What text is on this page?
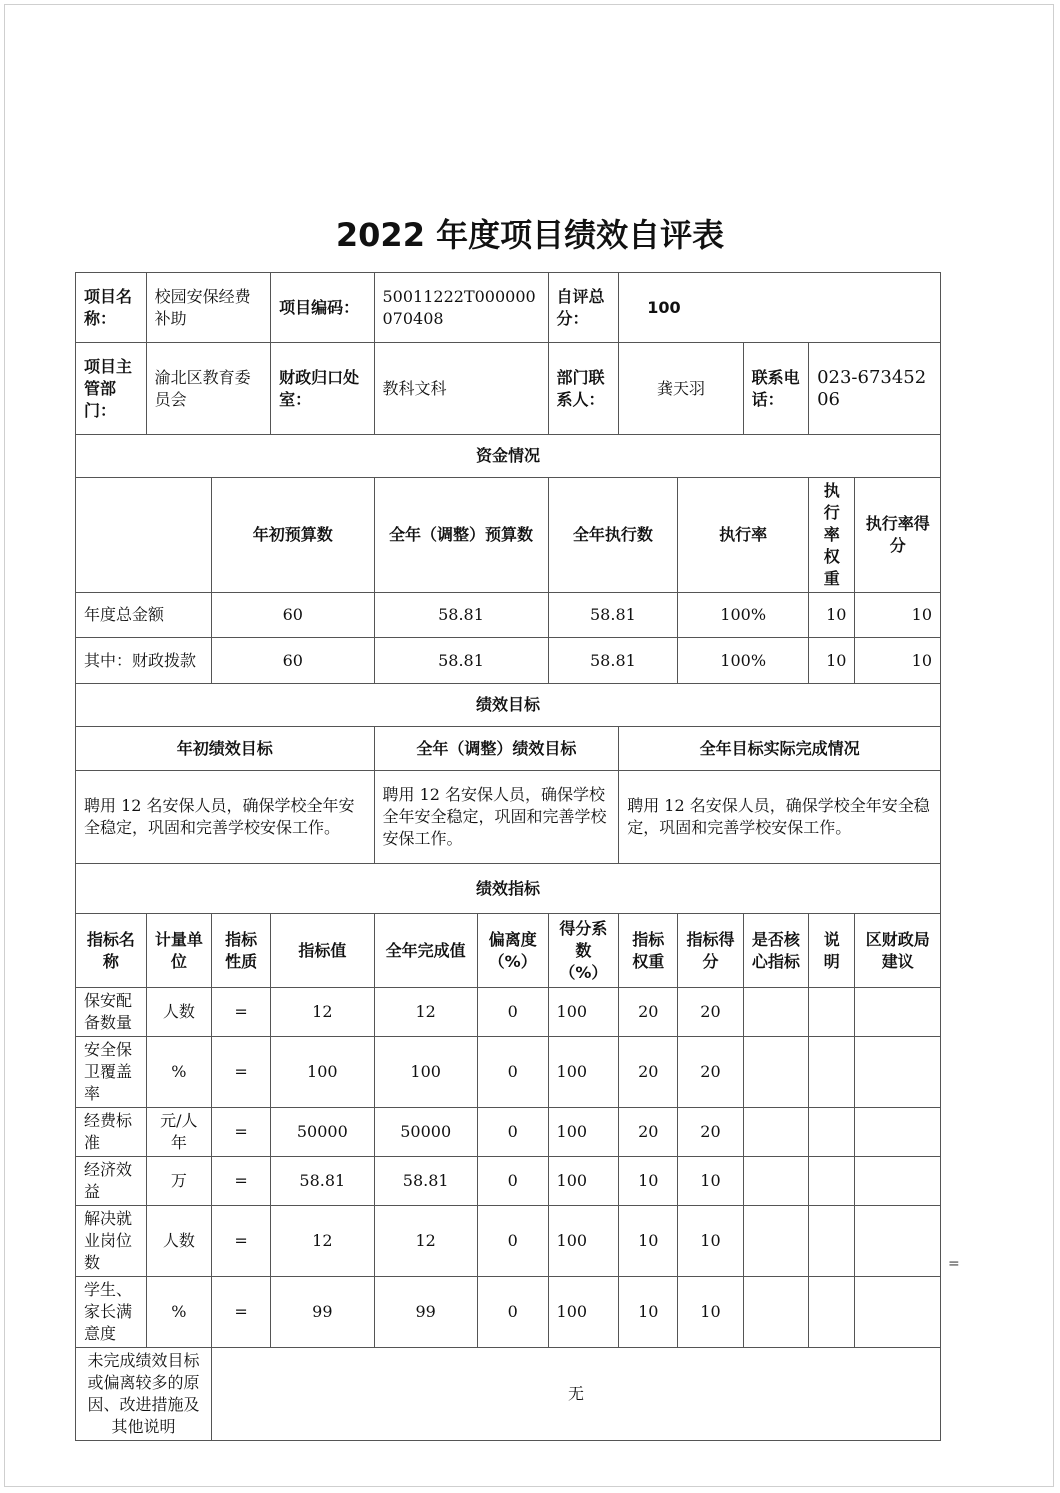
2022 年度项目绩效自评表
项目名称：	校园安保经费补助		项目编码：	50011222T000000070408		自评总分：	100				
项目主管部门：	渝北区教育委员会		财政归口处室：	教科文科		部门联系人：	龚天羽		联系电话：	023-67345206	
资金情况											
		年初预算数		全年（调整）预算数		全年执行数		执行率		执行率权重	执行率得分
年度总金额		60		58.81		58.81		100%		10	10
其中：财政拨款		60		58.81		58.81		100%		10	10
绩效目标											
年初绩效目标				全年（调整）绩效目标			全年目标实际完成情况				
聘用 12 名安保人员，确保学校全年安全稳定，巩固和完善学校安保工作。				聘用 12 名安保人员，确保学校全年安全稳定，巩固和完善学校安保工作。			聘用 12 名安保人员，确保学校全年安全稳定，巩固和完善学校安保工作。				
绩效指标											
指标名称	计量单位	指标性质	指标值	全年完成值	偏离度（%）	得分系数（%）	指标权重	指标得分	是否核心指标	说明	区财政局建议
保安配备数量	人数	=	12	12	0	100	20	20			
安全保卫覆盖率	%	=	100	100	0	100	20	20			
经费标准	元/人年	=	50000	50000	0	100	20	20			
经济效益	万	=	58.81	58.81	0	100	10	10			
解决就业岗位数	人数	=	12	12	0	100	10	10			
学生、家长满意度	%	=	99	99	0	100	10	10			
未完成绩效目标或偏离较多的原因、改进措施及其他说明		无									
=
